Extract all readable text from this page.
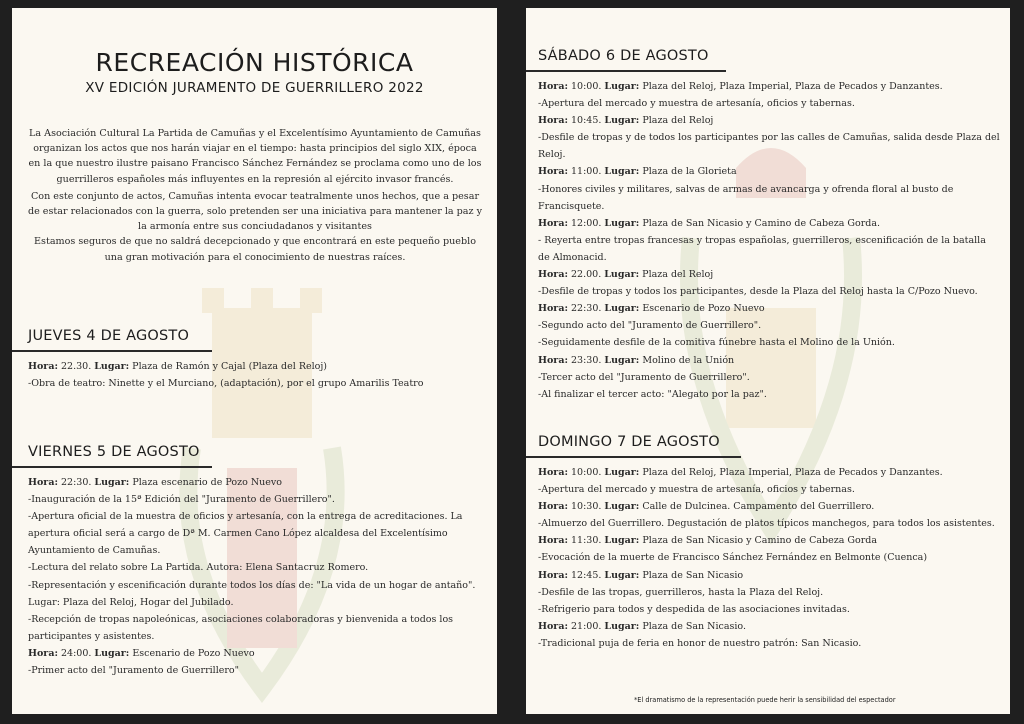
RECREACIÓN HISTÓRICA
XV EDICIÓN JURAMENTO DE GUERRILLERO 2022

La Asociación Cultural La Partida de Camuñas y el Excelentísimo Ayuntamiento de Camuñas organizan los actos que nos harán viajar en el tiempo: hasta principios del siglo XIX, época en la que nuestro ilustre paisano Francisco Sánchez Fernández se proclama como uno de los guerrilleros españoles más influyentes en la represión al ejército invasor francés.

Con este conjunto de actos, Camuñas intenta evocar teatralmente unos hechos, que a pesar de estar relacionados con la guerra, solo pretenden ser una iniciativa para mantener la paz y la armonía entre sus conciudadanos y visitantes

Estamos seguros de que no saldrá decepcionado y que encontrará en este pequeño pueblo una gran motivación para el conocimiento de nuestras raíces.

JUEVES 4 DE AGOSTO
Hora: 22.30. Lugar: Plaza de Ramón y Cajal (Plaza del Reloj)
-Obra de teatro: Ninette y el Murciano, (adaptación), por el grupo Amarilis Teatro
VIERNES 5 DE AGOSTO
Hora: 22:30. Lugar: Plaza escenario de Pozo Nuevo
-Inauguración de la 15ª Edición del "Juramento de Guerrillero".
-Apertura oficial de la muestra de oficios y artesanía, con la entrega de acreditaciones. La apertura oficial será a cargo de Dª M. Carmen Cano López alcaldesa del Excelentísimo Ayuntamiento de Camuñas.
-Lectura del relato sobre La Partida. Autora: Elena Santacruz Romero.
-Representación y escenificación durante todos los días de: "La vida de un hogar de antaño". Lugar: Plaza del Reloj, Hogar del Jubilado.
-Recepción de tropas napoleónicas, asociaciones colaboradoras y bienvenida a todos los participantes y asistentes.
Hora: 24:00. Lugar: Escenario de Pozo Nuevo
-Primer acto del "Juramento de Guerrillero"
SÁBADO 6 DE AGOSTO
Hora: 10:00. Lugar: Plaza del Reloj, Plaza Imperial, Plaza de Pecados y Danzantes.
-Apertura del mercado y muestra de artesanía, oficios y tabernas.
Hora: 10:45. Lugar: Plaza del Reloj
-Desfile de tropas y de todos los participantes por las calles de Camuñas, salida desde Plaza del Reloj.
Hora: 11:00. Lugar: Plaza de la Glorieta
-Honores civiles y militares, salvas de armas de avancarga y ofrenda floral al busto de Francisquete.
Hora: 12:00. Lugar: Plaza de San Nicasio y Camino de Cabeza Gorda.
- Reyerta entre tropas francesas y tropas españolas, guerrilleros, escenificación de la batalla de Almonacid.
Hora: 22.00. Lugar: Plaza del Reloj
-Desfile de tropas y todos los participantes, desde la Plaza del Reloj hasta la C/Pozo Nuevo.
Hora: 22:30. Lugar: Escenario de Pozo Nuevo
-Segundo acto del "Juramento de Guerrillero".
-Seguidamente desfile de la comitiva fúnebre hasta el Molino de la Unión.
Hora: 23:30. Lugar: Molino de la Unión
-Tercer acto del "Juramento de Guerrillero".
-Al finalizar el tercer acto: "Alegato por la paz".
DOMINGO 7 DE AGOSTO
Hora: 10:00. Lugar: Plaza del Reloj, Plaza Imperial, Plaza de Pecados y Danzantes.
-Apertura del mercado y muestra de artesanía, oficios y tabernas.
Hora: 10:30. Lugar: Calle de Dulcinea. Campamento del Guerrillero.
-Almuerzo del Guerrillero. Degustación de platos típicos manchegos, para todos los asistentes.
Hora: 11:30. Lugar: Plaza de San Nicasio y Camino de Cabeza Gorda
-Evocación de la muerte de Francisco Sánchez Fernández en Belmonte (Cuenca)
Hora: 12:45. Lugar: Plaza de San Nicasio
-Desfile de las tropas, guerrilleros, hasta la Plaza del Reloj.
-Refrigerio para todos y despedida de las asociaciones invitadas.
Hora: 21:00. Lugar: Plaza de San Nicasio.
-Tradicional puja de feria en honor de nuestro patrón: San Nicasio.
*El dramatismo de la representación puede herir la sensibilidad del espectador
